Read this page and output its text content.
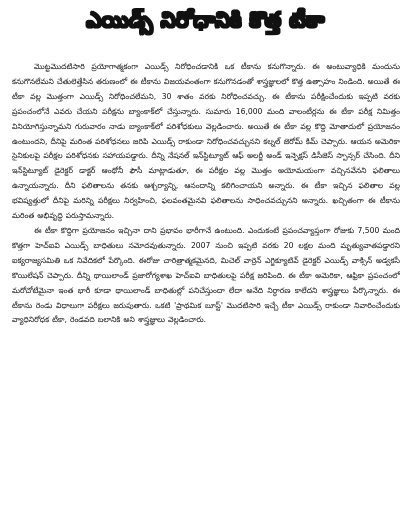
ఎయిడ్స్ నిరోధానికి కొత్త టీకా

మొట్టమొదటిసారి ప్రయోగాత్మకంగా ఎయిడ్స్ నిరోధించడానికి ఒక టీకాను కనుగొన్నారు. ఈ అంటువ్యాధికి మందును కనుగొనలేమని చేతులెత్తేసిన తరుణంలో ఈ టీకాను విజయవంతంగా కనుగొనడంతో శాస్త్రజ్ఞులలో కొత్త ఉత్సాహం నిండింది. అయితే ఈ టీకా వల్ల మొత్తంగా ఎయిడ్స్ నిరోధించలేమని, 30 శాతం వరకు నిరోధించవచ్చు. ఈ టీకాను పరీక్షించేందుకు ఇప్పటి వరకు ప్రపంచంలోనే ఎవరు చేయని పరీక్షను బ్యాంకాక్‌లో చేస్తున్నారు. సుమారు 16,000 మంది వాలంటీర్లను ఈ టీకా పరీక్ష నిమిత్తం వినియోగిస్తున్నామని గురువారం నాడు బ్యాంకాక్‌లో పరిశోధకులు వెల్లడించారు. అయితే ఈ టీకా వల్ల కొద్ది మోతాదులో ప్రయోజనం ఉంటుందని, దీనిపై మరింత పరిశోధనలు జరిపి ఎయిడ్స్ రాకుండా నిరోధించవచ్చునని కల్నల్ జెరోమ్ కిమ్ చెప్పారు. ఆయన అమెరికా సైనికులపై పరీక్షల పరిశోధనకు సహాయపడ్డారు. దీన్ని నేషనల్ ఇన్‌స్టిట్యూట్ ఆఫ్ అలర్జీ అండ్ ఇన్ఫెక్షస్ డిసీజెస్ స్పాన్సర్ చేసింది. దీని ఇన్‌స్టిట్యూట్ డైరెక్టర్ డాక్టర్ ఆంథోనీ ఫౌసీ మాట్లాడుతూ, ఈ పరీక్షల వల్ల మొత్తం అయోమయంగా వచ్చినవేనని ఫలితాలు ఉన్నాయన్నారు. దీని ఫలితాలను తనకు ఆశ్చర్యాన్ని, ఆనందాన్ని కలిగించాయని అన్నారు. ఈ టీకా ఇచ్చిన ఫలితాల వల్ల భవిష్యత్తులో దీనిపై మరిన్ని పరీక్షలు నిర్వహించి, ఫలవంతమైనవి ఫలితాలను సాధించవచ్చునని అన్నారు. ఖచ్చితంగా ఈ టీకాను మరింత అభివృద్ధి పరుస్తామన్నారు.

ఈ టీకా కొద్దిగా ప్రయోజనం ఇచ్చినా దాని ప్రభావం భారీగానే ఉంటుంది. ఎందుకంటే ప్రపంచవ్యాప్తంగా రోజుకు 7,500 మంది కొత్తగా హెచ్‌ఐవి ఎయిడ్స్ బాధితులు నమోదవుతున్నారు. 2007 నుంచి ఇప్పటి వరకు 20 లక్షల మంది మృత్యువాతపడ్డారని ఐక్యరాజ్యసమితి ఒక నివేదికలో పేర్కొంది. ఈరోజు చారిత్రాత్మకమైనది, మిచెల్ వార్రెన్ ఎగ్జిక్యూటివ్ డైరెక్టర్ ఎయిడ్స్ వాక్సిన్ అడ్వకసీ కొయిలేషన్ చెప్పారు. దీన్ని థాయిలాండ్ ప్రజారోగ్యశాఖ హెచ్‌ఐవి బాధితులపై పరీక్ష జరిపింది. ఈ టీకా అమెరికా, ఆఫ్రికా ప్రపంచంలో మరోచోటేమైనా ఇంత భారీ కూడా థాయిలాండ్ బాధితుల్లో పనిచేస్తుందా లేదా అనేది నిర్ధారణ కాలేదని శాస్త్రజ్ఞులు పేర్కొన్నారు. ఈ టీకాను రెండు విధాలుగా పరీక్షలు జరుపుతారు. ఒకటి 'ప్రాథమిక బూస్ట్' మొదటిసారి ఇచ్చే టీకా ఎయిడ్స్ రాకుండా నివారించేందుకు వ్యాధినిరోధక టీకా, రెండవది బలానికి అని శాస్త్రజ్ఞులు వెల్లడించారు.
